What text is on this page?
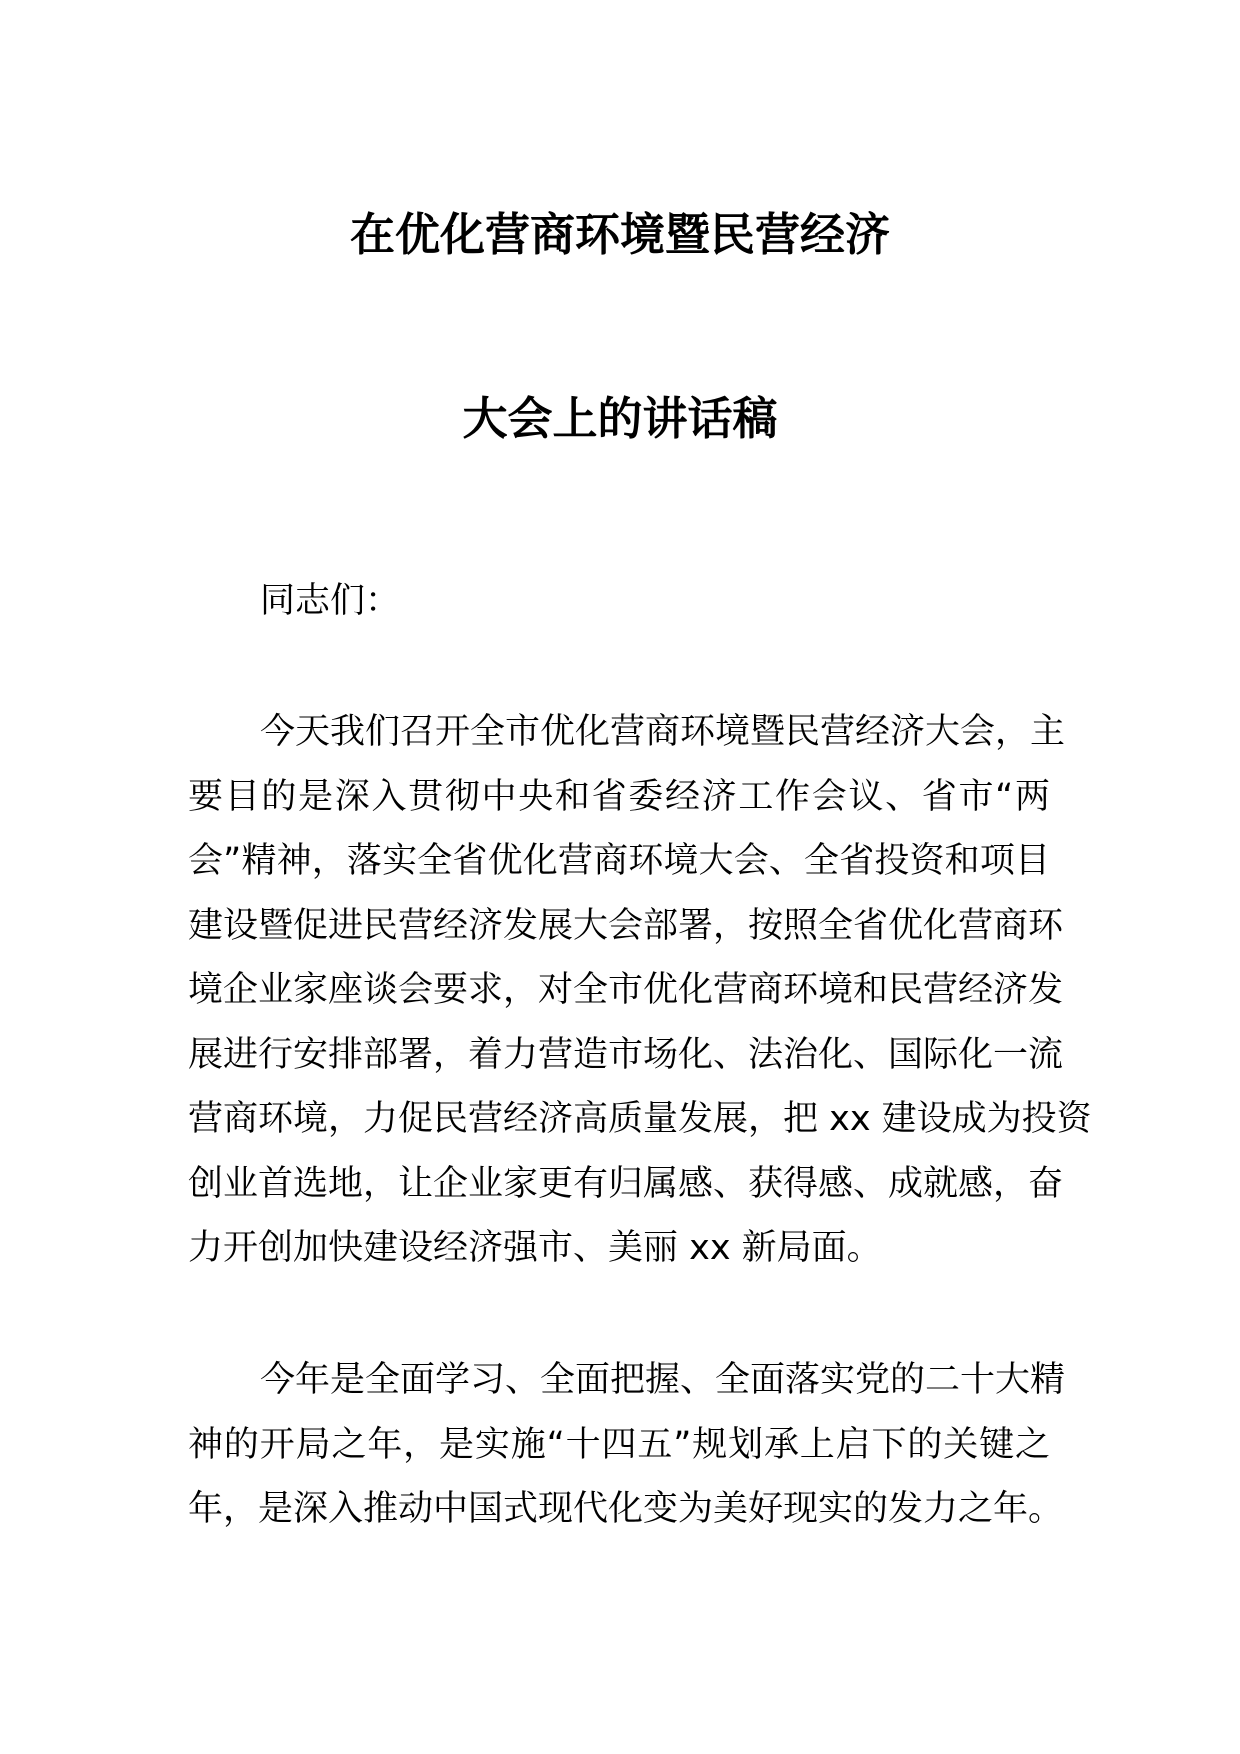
在优化营商环境暨民营经济
大会上的讲话稿
同志们：
今天我们召开全市优化营商环境暨民营经济大会，主
要目的是深入贯彻中央和省委经济工作会议、省市“两
会”精神，落实全省优化营商环境大会、全省投资和项目
建设暨促进民营经济发展大会部署，按照全省优化营商环
境企业家座谈会要求，对全市优化营商环境和民营经济发
展进行安排部署，着力营造市场化、法治化、国际化一流
营商环境，力促民营经济高质量发展，把 xx 建设成为投资
创业首选地，让企业家更有归属感、获得感、成就感，奋
力开创加快建设经济强市、美丽 xx 新局面。
今年是全面学习、全面把握、全面落实党的二十大精
神的开局之年，是实施“十四五”规划承上启下的关键之
年，是深入推动中国式现代化变为美好现实的发力之年。
